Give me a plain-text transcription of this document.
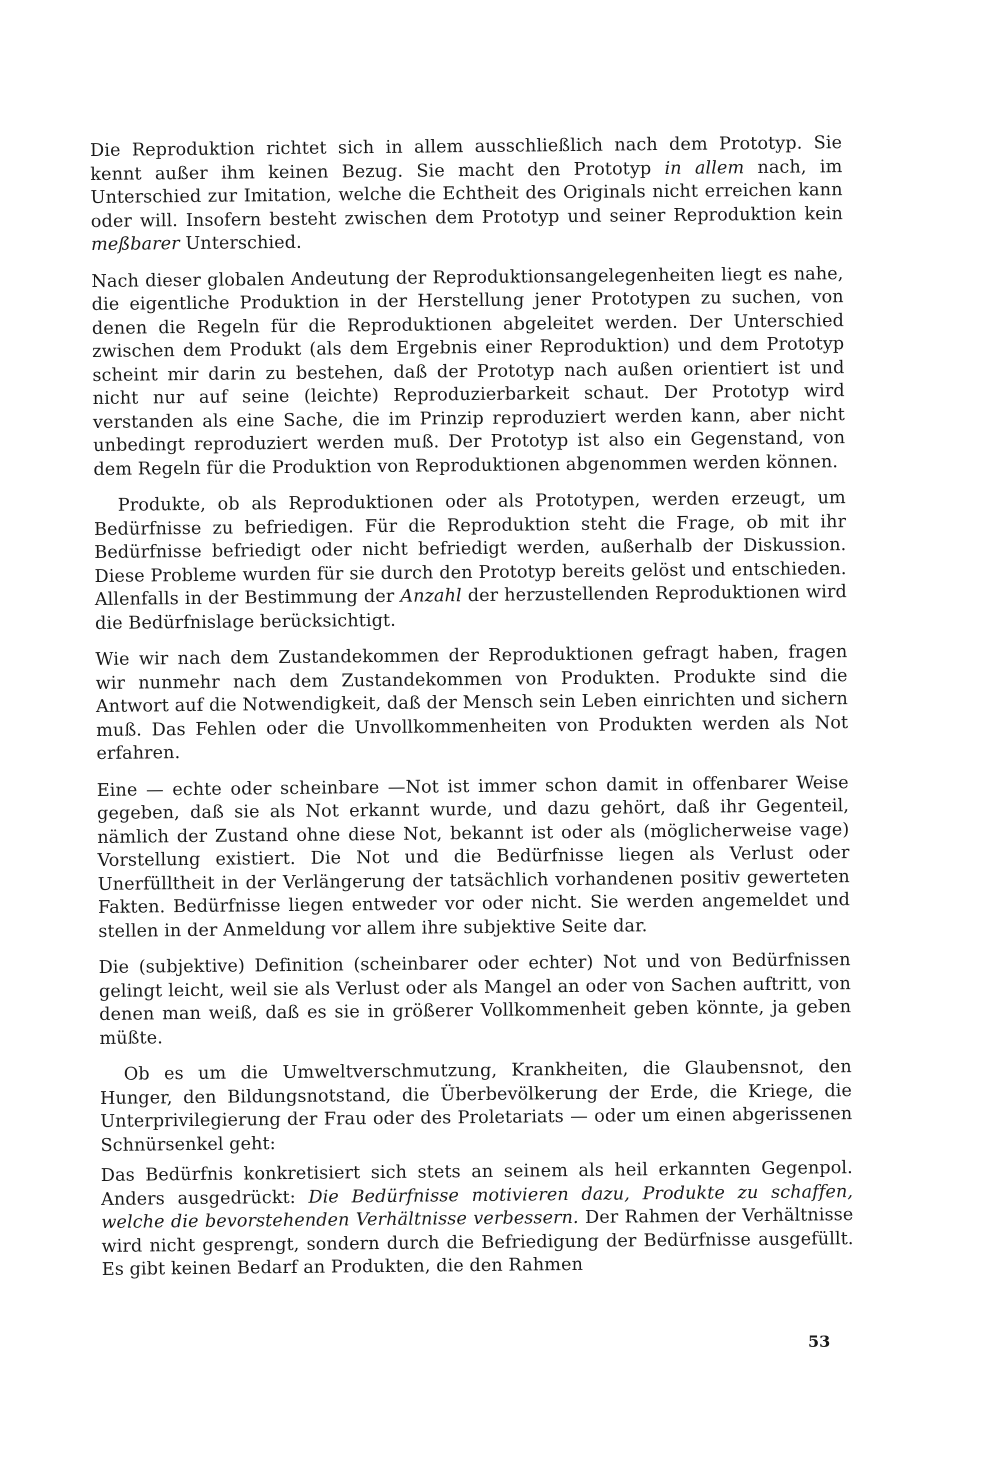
Die Reproduktion richtet sich in allem ausschließlich nach dem Prototyp. Sie kennt außer ihm keinen Bezug. Sie macht den Prototyp in allem nach, im Unterschied zur Imitation, welche die Echtheit des Originals nicht erreichen kann oder will. Insofern besteht zwischen dem Prototyp und seiner Reproduktion kein meßbarer Unterschied.

Nach dieser globalen Andeutung der Reproduktionsangelegenheiten liegt es nahe, die eigentliche Produktion in der Herstellung jener Prototypen zu suchen, von denen die Regeln für die Reproduktionen abgeleitet werden. Der Unterschied zwischen dem Produkt (als dem Ergebnis einer Reproduktion) und dem Prototyp scheint mir darin zu bestehen, daß der Prototyp nach außen orientiert ist und nicht nur auf seine (leichte) Reproduzierbarkeit schaut. Der Prototyp wird verstanden als eine Sache, die im Prinzip reproduziert werden kann, aber nicht unbedingt reproduziert werden muß. Der Prototyp ist also ein Gegenstand, von dem Regeln für die Produktion von Reproduktionen abgenommen werden können.

Produkte, ob als Reproduktionen oder als Prototypen, werden erzeugt, um Bedürfnisse zu befriedigen. Für die Reproduktion steht die Frage, ob mit ihr Bedürfnisse befriedigt oder nicht befriedigt werden, außerhalb der Diskussion. Diese Probleme wurden für sie durch den Prototyp bereits gelöst und entschieden. Allenfalls in der Bestimmung der Anzahl der herzustellenden Reproduktionen wird die Bedürfnislage berücksichtigt.

Wie wir nach dem Zustandekommen der Reproduktionen gefragt haben, fragen wir nunmehr nach dem Zustandekommen von Produkten. Produkte sind die Antwort auf die Notwendigkeit, daß der Mensch sein Leben einrichten und sichern muß. Das Fehlen oder die Unvollkommenheiten von Produkten werden als Not erfahren.

Eine — echte oder scheinbare —Not ist immer schon damit in offenbarer Weise gegeben, daß sie als Not erkannt wurde, und dazu gehört, daß ihr Gegenteil, nämlich der Zustand ohne diese Not, bekannt ist oder als (möglicherweise vage) Vorstellung existiert. Die Not und die Bedürfnisse liegen als Verlust oder Unerfülltheit in der Verlängerung der tatsächlich vorhandenen positiv gewerteten Fakten. Bedürfnisse liegen entweder vor oder nicht. Sie werden angemeldet und stellen in der Anmeldung vor allem ihre subjektive Seite dar.

Die (subjektive) Definition (scheinbarer oder echter) Not und von Bedürfnissen gelingt leicht, weil sie als Verlust oder als Mangel an oder von Sachen auftritt, von denen man weiß, daß es sie in größerer Vollkommenheit geben könnte, ja geben müßte.

Ob es um die Umweltverschmutzung, Krankheiten, die Glaubensnot, den Hunger, den Bildungsnotstand, die Überbevölkerung der Erde, die Kriege, die Unterprivilegierung der Frau oder des Proletariats — oder um einen abgerissenen Schnürsenkel geht:

Das Bedürfnis konkretisiert sich stets an seinem als heil erkannten Gegenpol. Anders ausgedrückt: Die Bedürfnisse motivieren dazu, Produkte zu schaffen, welche die bevorstehenden Verhältnisse verbessern. Der Rahmen der Verhältnisse wird nicht gesprengt, sondern durch die Befriedigung der Bedürfnisse ausgefüllt. Es gibt keinen Bedarf an Produkten, die den Rahmen

53
